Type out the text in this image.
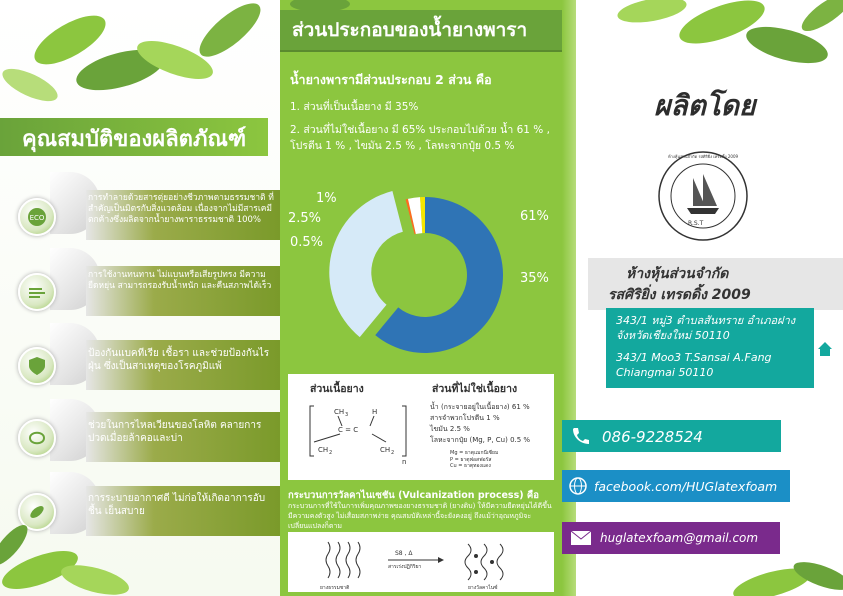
คุณสมบัติของผลิตภัณฑ์
ECO
การทำลายด้วยสารตุ่ยอย่างชีวภาพตามธรรมชาติ ที่สำคัญเป็นมิตรกับสิ่งแวดล้อม เนื่องจากไม่มีสารเคมีตกค้างซึ่งผลิตจากน้ำยางพาราธรรมชาติ 100%
การใช้งานทนทาน ไม่แบนหรือเสียรูปทรง มีความยืดหยุ่น สามารถรองรับน้ำหนัก และคืนสภาพได้เร็ว
ป้องกันแบคทีเรีย เชื้อรา และช่วยป้องกันไรฝุ่น ซึ่งเป็นสาเหตุของโรคภูมิแพ้
ช่วยในการไหลเวียนของโลหิต คลายการปวดเมื่อยล้าคอและบ่า
การระบายอากาศดี ไม่ก่อให้เกิดอาการอับชื้น เย็นสบาย
ส่วนประกอบของน้ำยางพารา
น้ำยางพารามีส่วนประกอบ 2 ส่วน คือ
1. ส่วนที่เป็นเนื้อยาง มี 35%
2. ส่วนที่ไม่ใช่เนื้อยาง มี 65% ประกอบไปด้วย น้ำ 61 % , โปรตีน 1 % , ไขมัน 2.5 % , โลหะจากปุ๋ย 0.5 %
61%
35%
0.5%
2.5%
1%
ส่วนเนื้อยาง	ส่วนที่ไม่ใช่เนื้อยาง
n
CH 3	H
C = C
CH 2	CH 2
น้ำ (กระจายอยู่ในเนื้อยาง) 61 %
สารจำพวกโปรตีน 1 %
ไขมัน 2.5 %
โลหะจากปุ๋ย (Mg, P, Cu) 0.5 %
Mg = ธาตุแมกนีเซียม
P = ธาตุฟอสฟอรัส
Cu = ธาตุทองแดง
กระบวนการวัลคาไนเซชัน (Vulcanization process) คือ
กระบวนการที่ใช้ในการเพิ่มคุณภาพของยางธรรมชาติ (ยางดิบ) ให้มีความยืดหยุ่นได้ดีขึ้น มีความคงตัวสูง ไม่เสื่อมสภาพง่าย คุณสมบัติเหล่านี้จะยังคงอยู่ ถึงแม้ว่าอุณหภูมิจะเปลี่ยนแปลงก็ตาม
ยางธรรมชาติ
S8 , Δ
สารเร่งปฏิกิริยา
ยางวัลคาไนซ์
ผลิตโดย
ห้างหุ้นส่วนจำกัด รสศิริยิ่ง เทรดดิ้ง 2009
R.S.T
ห้างหุ้นส่วนจำกัด
รสศิริยิ่ง เทรดดิ้ง 2009
343/1 หมู่3 ตำบลสันทราย อำเภอฝาง จังหวัดเชียงใหม่ 50110
343/1 Moo3 T.Sansai A.Fang Chiangmai 50110
086-9228524
facebook.com/HUGlatexfoam
huglatexfoam@gmail.com
